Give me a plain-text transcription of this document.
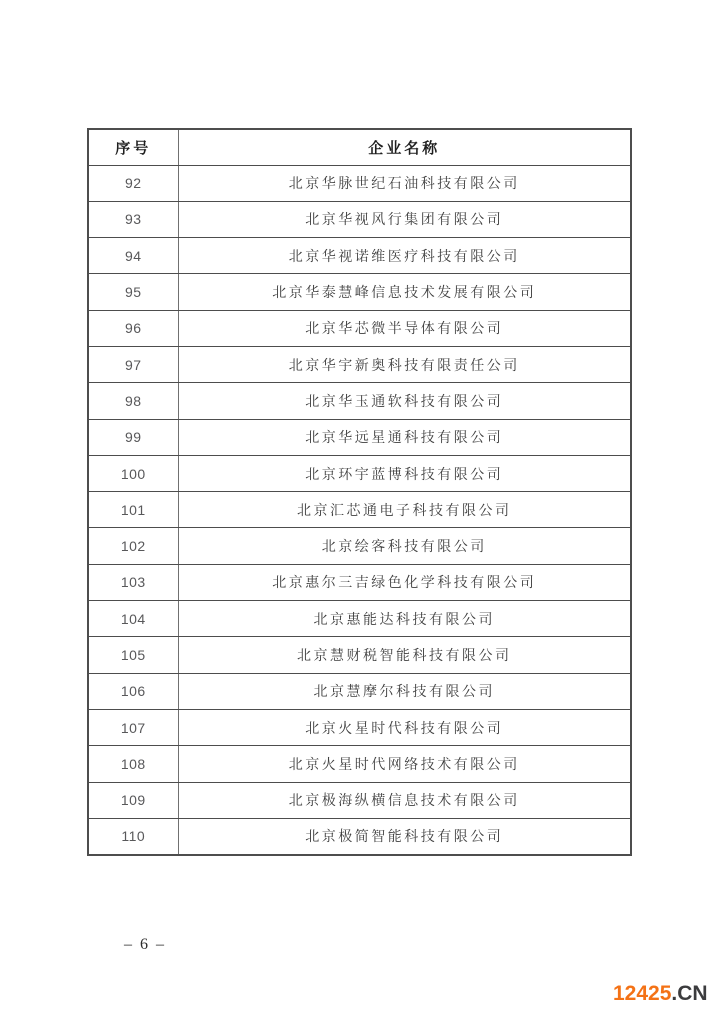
序号	企业名称
92	北京华脉世纪石油科技有限公司
93	北京华视风行集团有限公司
94	北京华视诺维医疗科技有限公司
95	北京华泰慧峰信息技术发展有限公司
96	北京华芯微半导体有限公司
97	北京华宇新奥科技有限责任公司
98	北京华玉通软科技有限公司
99	北京华远星通科技有限公司
100	北京环宇蓝博科技有限公司
101	北京汇芯通电子科技有限公司
102	北京绘客科技有限公司
103	北京惠尔三吉绿色化学科技有限公司
104	北京惠能达科技有限公司
105	北京慧财税智能科技有限公司
106	北京慧摩尔科技有限公司
107	北京火星时代科技有限公司
108	北京火星时代网络技术有限公司
109	北京极海纵横信息技术有限公司
110	北京极简智能科技有限公司
– 6 –
12425.CN
